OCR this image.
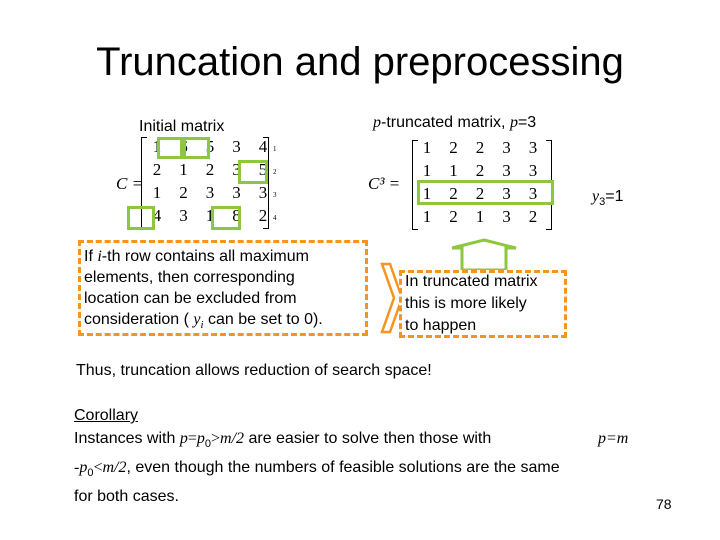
Truncation and preprocessing
Initial matrix	p-truncated matrix, p=3
C =
1	6	5	3	4
2	1	2	3	5
1	2	3	3	3
4	3	1	8	2
1
2
3
4
C³ =
1	2	2	3	3
1	1	2	3	3
1	2	2	3	3
1	2	1	3	2
$y_3=1$
If i-th row contains all maximum
elements, then corresponding
location can be excluded from
consideration ( $y_i$ can be set to 0).
In truncated matrix
this is more likely
to happen
Thus, truncation allows reduction of search space!

Corollary

Instances with $p=p_0>m/2$ are easier to solve then those with	p=m

$-p_0<m/2$, even though the numbers of feasible solutions are the same

for both cases.	78
